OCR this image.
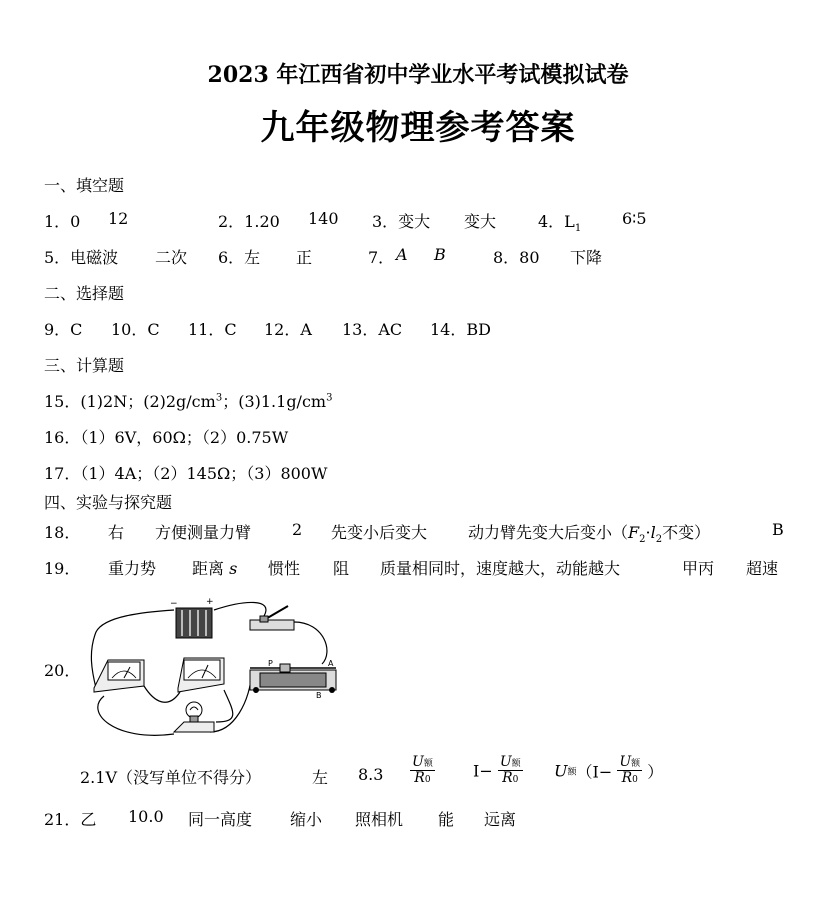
2023 年江西省初中学业水平考试模拟试卷
九年级物理参考答案
一、填空题
1．0 12	2．1.20 140 3．变大 变大	4．$L_1$
6∶5
5．电磁波 二次 6．左 正	7． A B	8．80 下降
二、选择题
9．C 10．C 11．C 12．A 13．AC 14．BD
三、计算题
15．(1)2N；$(2)2g/cm^3$；$(3)1.1g/cm^3$
16．（1）6V，60Ω；（2）0.75W
17．（1）4A；（2）145Ω；（3）800W
四、实验与探究题
18． 右 方便测量力臂	2 先变小后变大	动力臂先变大后变小（$F_2\cdot l_2$不变）	B
19． 重力势 距离 s 惯性 阻 质量相同时，速度越大，动能越大	甲丙 超速
20．
−	+
P	A
B
2.1V（没写单位不得分）	左 $8.3 \frac{\text{U额}}{R0} I- \frac{\text{U额}}{R0}$ U额（$I- \frac{\text{U额}}{R0}$ ）
21．乙 10.0 同一高度 缩小 照相机 能 远离
